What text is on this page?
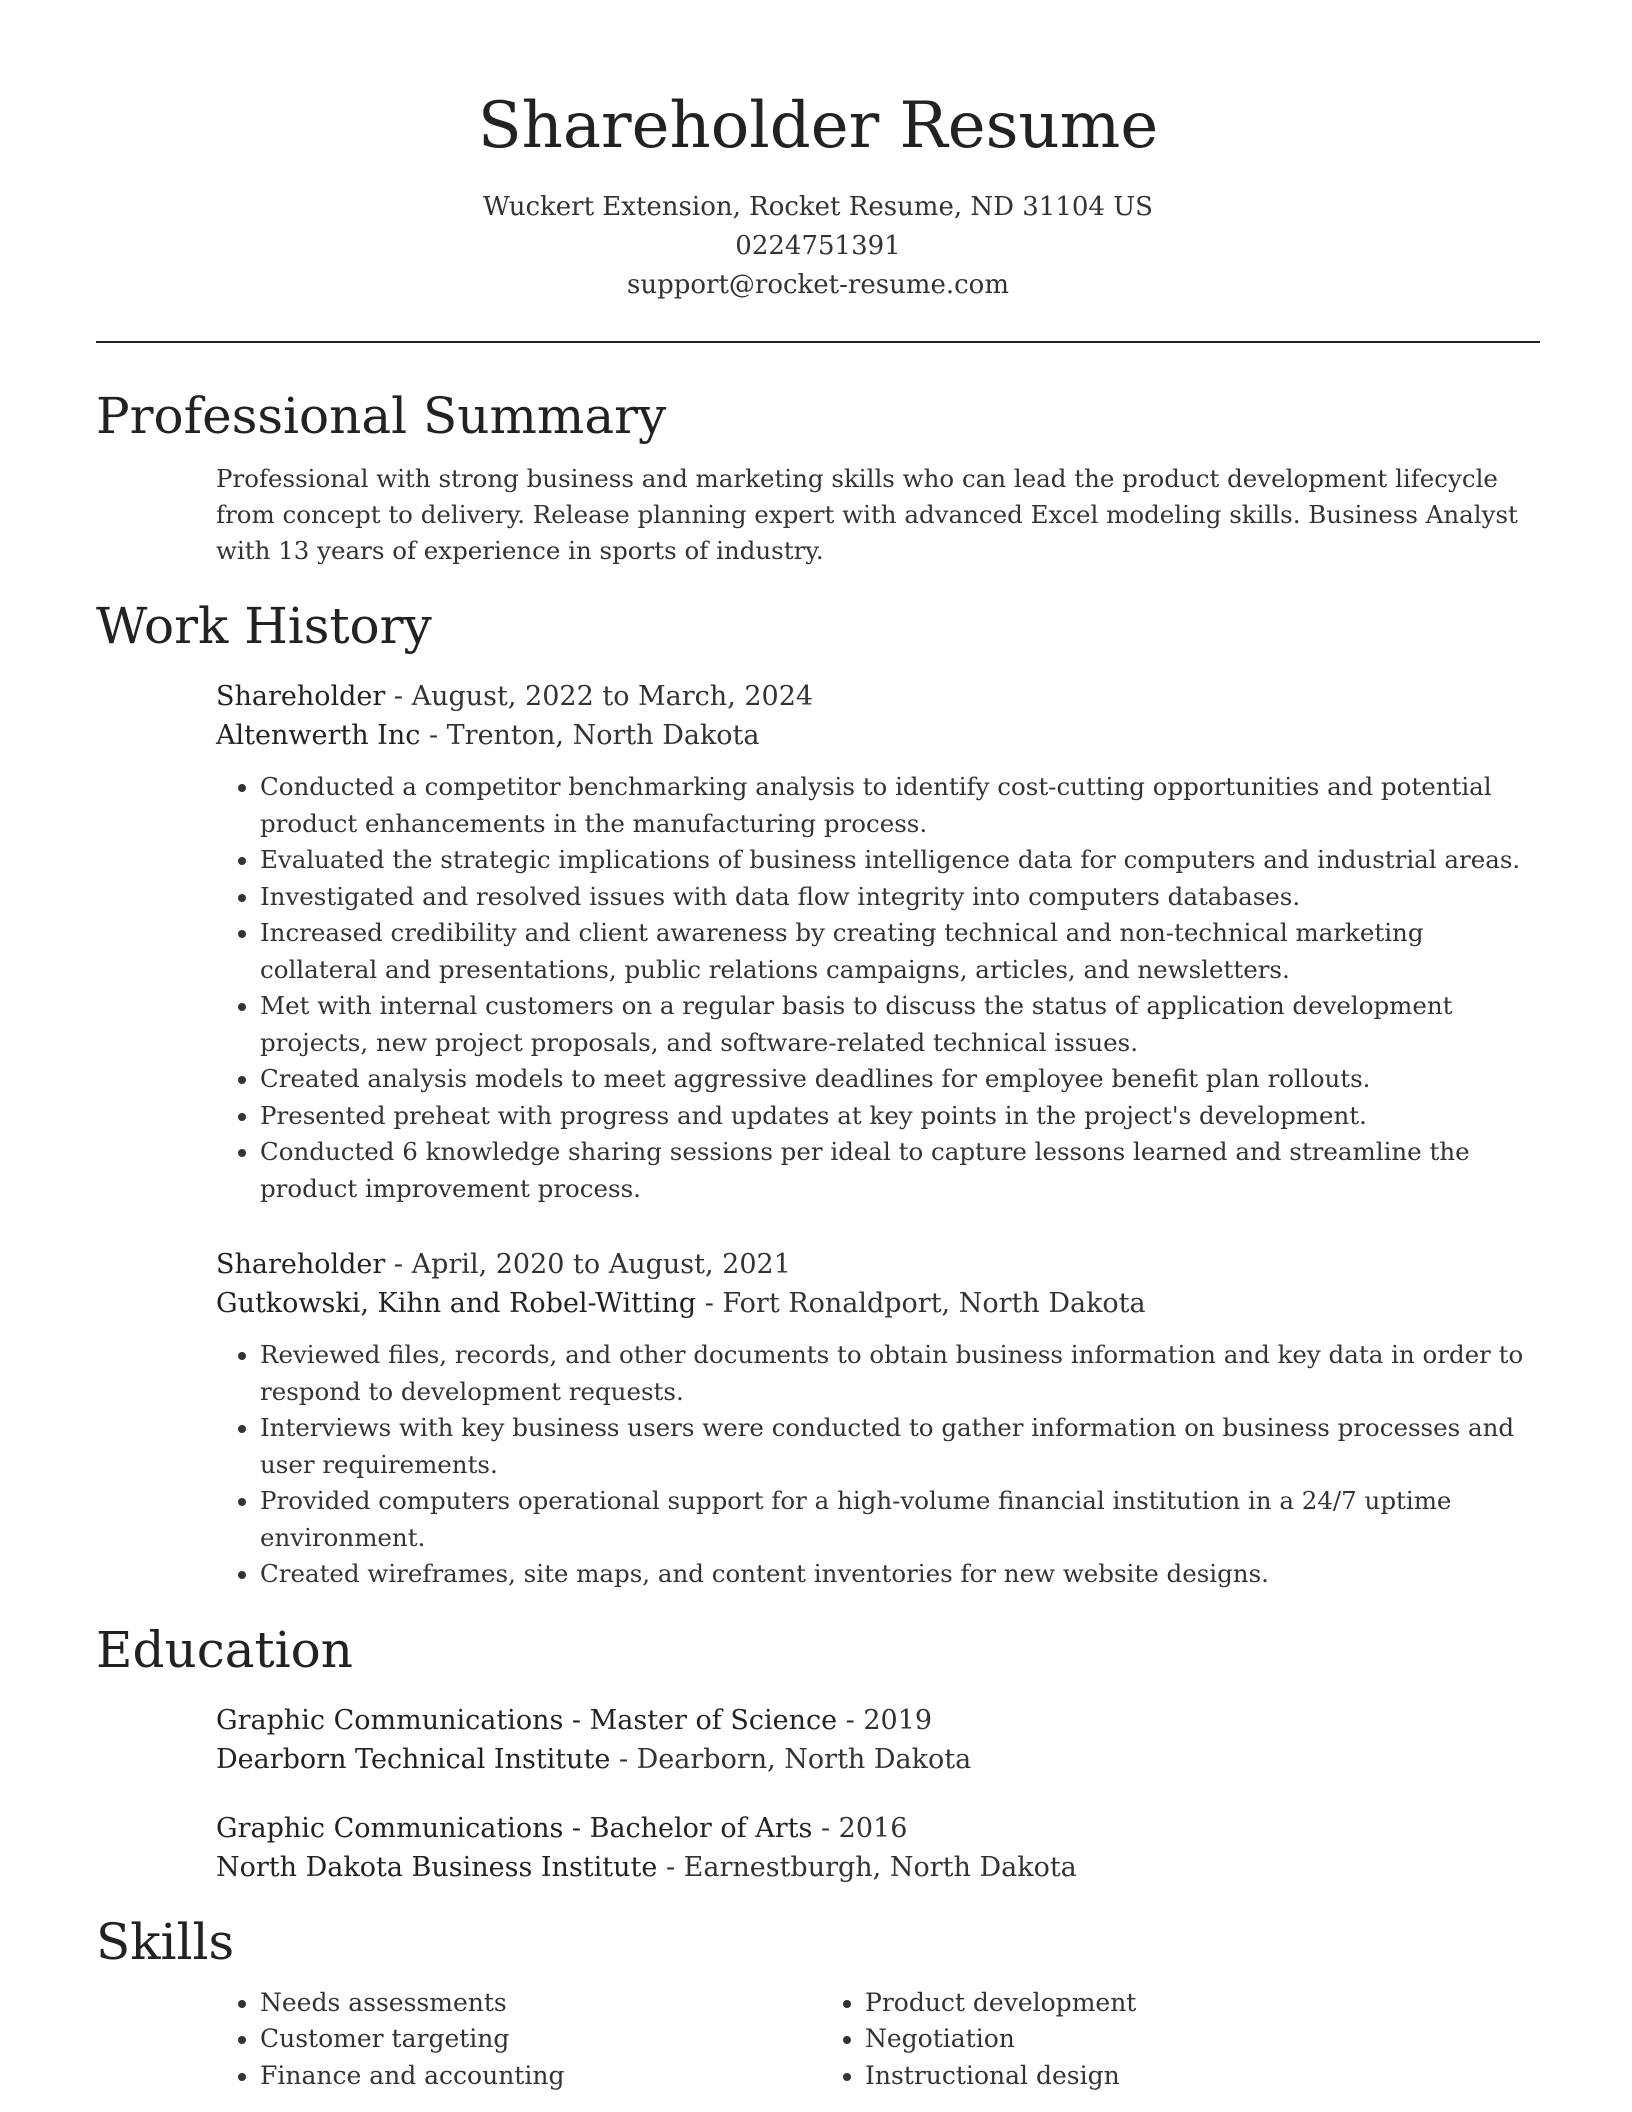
Shareholder Resume
Wuckert Extension, Rocket Resume, ND 31104 US
0224751391
support@rocket-resume.com
Professional Summary
Professional with strong business and marketing skills who can lead the product development lifecycle from concept to delivery. Release planning expert with advanced Excel modeling skills. Business Analyst with 13 years of experience in sports of industry.
Work History
Shareholder - August, 2022 to March, 2024
Altenwerth Inc - Trenton, North Dakota
• Conducted a competitor benchmarking analysis to identify cost-cutting opportunities and potential product enhancements in the manufacturing process.
• Evaluated the strategic implications of business intelligence data for computers and industrial areas.
• Investigated and resolved issues with data flow integrity into computers databases.
• Increased credibility and client awareness by creating technical and non-technical marketing collateral and presentations, public relations campaigns, articles, and newsletters.
• Met with internal customers on a regular basis to discuss the status of application development projects, new project proposals, and software-related technical issues.
• Created analysis models to meet aggressive deadlines for employee benefit plan rollouts.
• Presented preheat with progress and updates at key points in the project's development.
• Conducted 6 knowledge sharing sessions per ideal to capture lessons learned and streamline the product improvement process.
Shareholder - April, 2020 to August, 2021
Gutkowski, Kihn and Robel-Witting - Fort Ronaldport, North Dakota
• Reviewed files, records, and other documents to obtain business information and key data in order to respond to development requests.
• Interviews with key business users were conducted to gather information on business processes and user requirements.
• Provided computers operational support for a high-volume financial institution in a 24/7 uptime environment.
• Created wireframes, site maps, and content inventories for new website designs.
Education
Graphic Communications - Master of Science - 2019
Dearborn Technical Institute - Dearborn, North Dakota
Graphic Communications - Bachelor of Arts - 2016
North Dakota Business Institute - Earnestburgh, North Dakota
Skills
• Needs assessments
• Customer targeting
• Finance and accounting
• Product development
• Negotiation
• Instructional design
